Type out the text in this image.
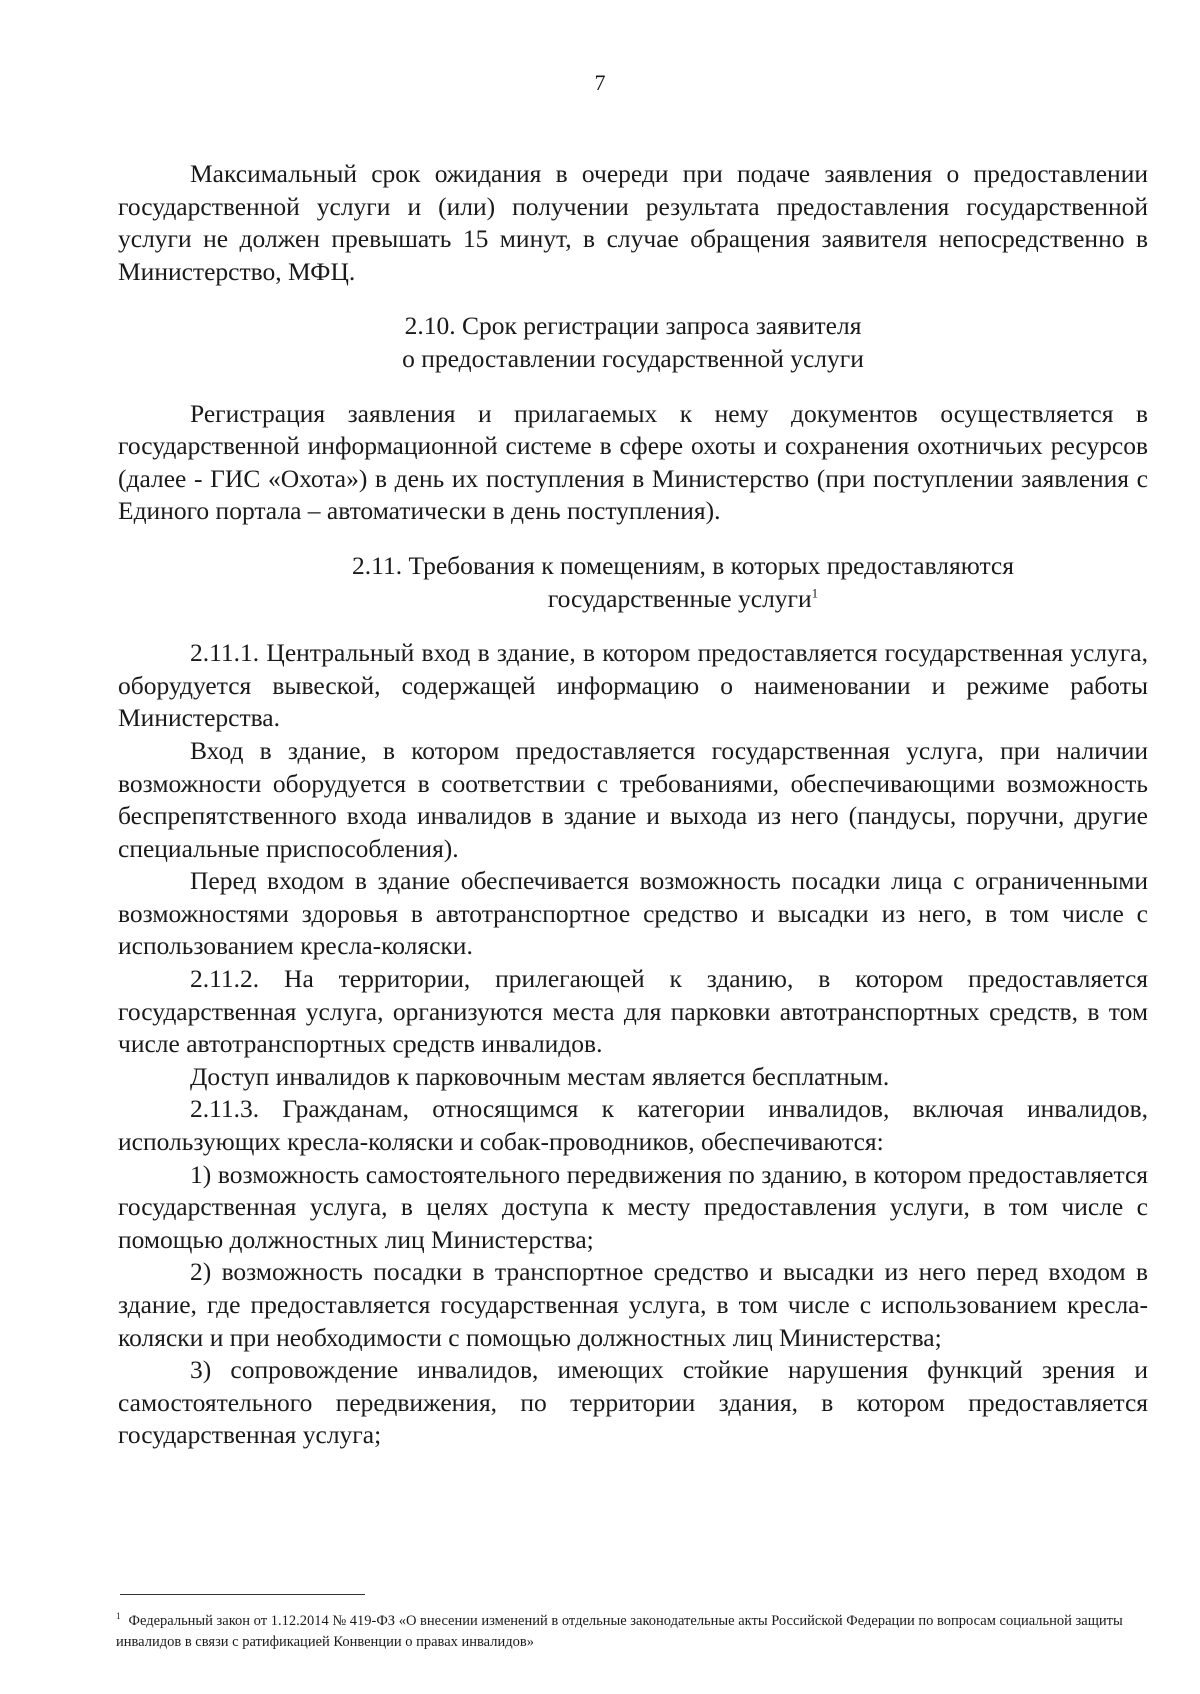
7

Максимальный срок ожидания в очереди при подаче заявления о предоставлении государственной услуги и (или) получении результата предоставления государственной услуги не должен превышать 15 минут, в случае обращения заявителя непосредственно в Министерство, МФЦ.

2.10. Срок регистрации запроса заявителя
о предоставлении государственной услуги

Регистрация заявления и прилагаемых к нему документов осуществляется в государственной информационной системе в сфере охоты и сохранения охотничьих ресурсов (далее - ГИС «Охота») в день их поступления в Министерство (при поступлении заявления с Единого портала – автоматически в день поступления).

2.11. Требования к помещениям, в которых предоставляются
государственные услуги$^1$

2.11.1. Центральный вход в здание, в котором предоставляется государственная услуга, оборудуется вывеской, содержащей информацию о наименовании и режиме работы Министерства.

Вход в здание, в котором предоставляется государственная услуга, при наличии возможности оборудуется в соответствии с требованиями, обеспечивающими возможность беспрепятственного входа инвалидов в здание и выхода из него (пандусы, поручни, другие специальные приспособления).

Перед входом в здание обеспечивается возможность посадки лица с ограниченными возможностями здоровья в автотранспортное средство и высадки из него, в том числе с использованием кресла-коляски.

2.11.2. На территории, прилегающей к зданию, в котором предоставляется государственная услуга, организуются места для парковки автотранспортных средств, в том числе автотранспортных средств инвалидов.

Доступ инвалидов к парковочным местам является бесплатным.

2.11.3. Гражданам, относящимся к категории инвалидов, включая инвалидов, использующих кресла-коляски и собак-проводников, обеспечиваются:

1) возможность самостоятельного передвижения по зданию, в котором предоставляется государственная услуга, в целях доступа к месту предоставления услуги, в том числе с помощью должностных лиц Министерства;

2) возможность посадки в транспортное средство и высадки из него перед входом в здание, где предоставляется государственная услуга, в том числе с использованием кресла-коляски и при необходимости с помощью должностных лиц Министерства;

3) сопровождение инвалидов, имеющих стойкие нарушения функций зрения и самостоятельного передвижения, по территории здания, в котором предоставляется государственная услуга;

$^1$ Федеральный закон от 1.12.2014 № 419-ФЗ «О внесении изменений в отдельные законодательные акты Российской Федерации по вопросам социальной защиты инвалидов в связи с ратификацией Конвенции о правах инвалидов»
